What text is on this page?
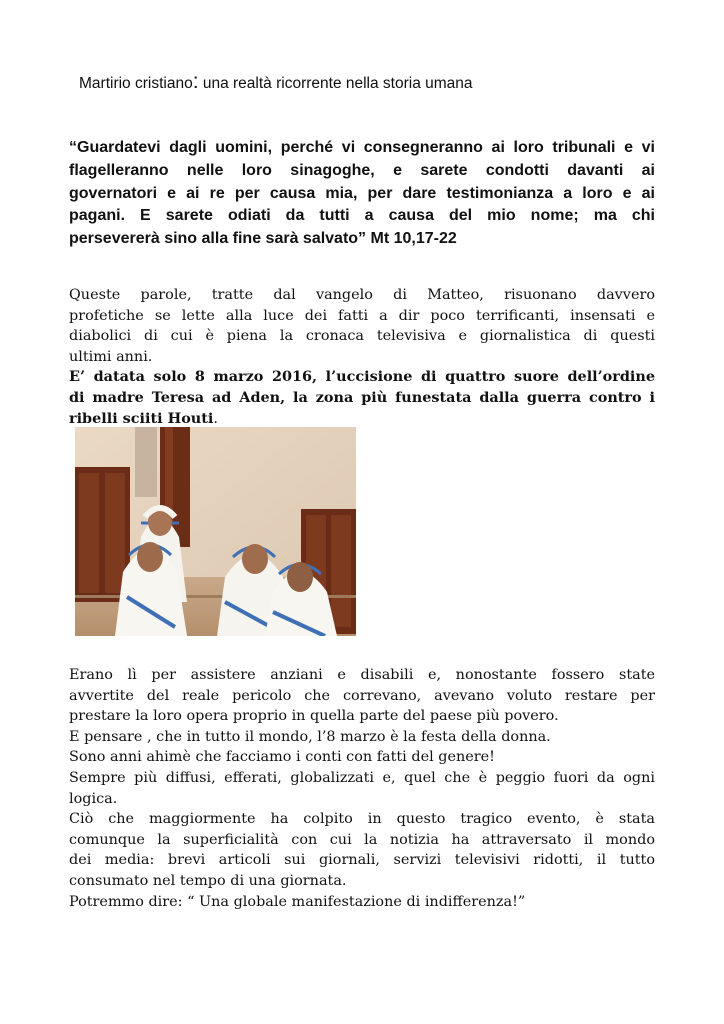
Martirio cristiano: una realtà ricorrente nella storia umana
“Guardatevi dagli uomini, perché vi consegneranno ai loro tribunali e vi
flagelleranno nelle loro sinagoghe, e sarete condotti davanti ai
governatori e ai re per causa mia, per dare testimonianza a loro e ai
pagani. E sarete odiati da tutti a causa del mio nome; ma chi
persevererà sino alla fine sarà salvato” Mt 10,17-22
Queste parole, tratte dal vangelo di Matteo, risuonano davvero
profetiche se lette alla luce dei fatti a dir poco terrificanti, insensati e
diabolici di cui è piena la cronaca televisiva e giornalistica di questi
ultimi anni.
E’ datata solo 8 marzo 2016, l’uccisione di quattro suore dell’ordine
di madre Teresa ad Aden, la zona più funestata dalla guerra contro i
ribelli sciiti Houti.
Erano lì per assistere anziani e disabili e, nonostante fossero state
avvertite del reale pericolo che correvano, avevano voluto restare per
prestare la loro opera proprio in quella parte del paese più povero.
E pensare , che in tutto il mondo, l’8 marzo è la festa della donna.
Sono anni ahimè che facciamo i conti con fatti del genere!
Sempre più diffusi, efferati, globalizzati e, quel che è peggio fuori da ogni
logica.
Ciò che maggiormente ha colpito in questo tragico evento, è stata
comunque la superficialità con cui la notizia ha attraversato il mondo
dei media: brevi articoli sui giornali, servizi televisivi ridotti, il tutto
consumato nel tempo di una giornata.
Potremmo dire: “ Una globale manifestazione di indifferenza!”
